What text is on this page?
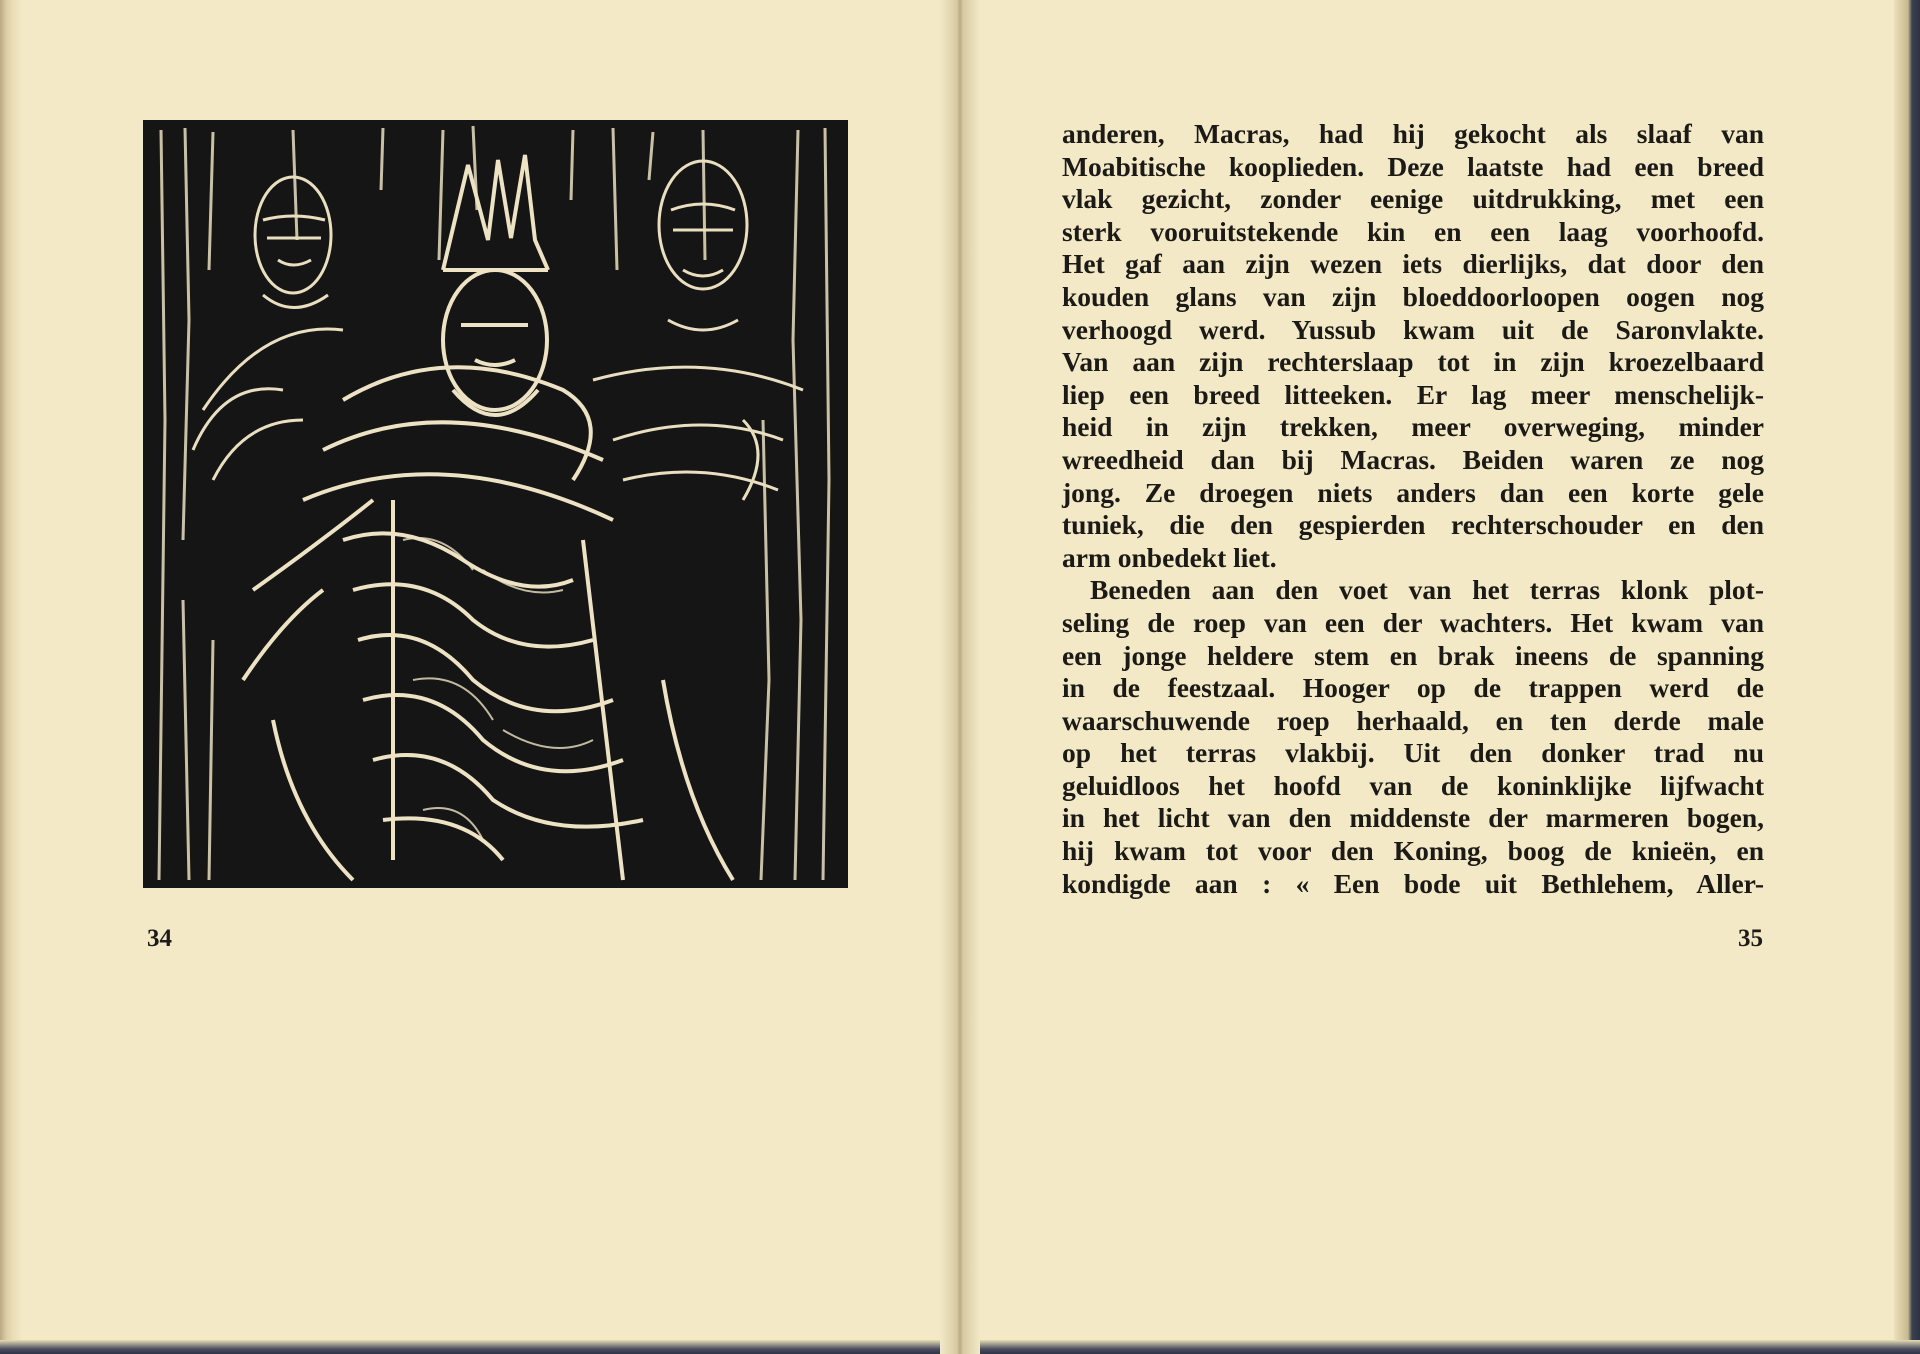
34
anderen, Macras, had hij gekocht als slaaf van
Moabitische kooplieden. Deze laatste had een breed
vlak gezicht, zonder eenige uitdrukking, met een
sterk vooruitstekende kin en een laag voorhoofd.
Het gaf aan zijn wezen iets dierlijks, dat door den
kouden glans van zijn bloeddoorloopen oogen nog
verhoogd werd. Yussub kwam uit de Saronvlakte.
Van aan zijn rechterslaap tot in zijn kroezelbaard
liep een breed litteeken. Er lag meer menschelijk-
heid in zijn trekken, meer overweging, minder
wreedheid dan bij Macras. Beiden waren ze nog
jong. Ze droegen niets anders dan een korte gele
tuniek, die den gespierden rechterschouder en den
arm onbedekt liet.
Beneden aan den voet van het terras klonk plot-
seling de roep van een der wachters. Het kwam van
een jonge heldere stem en brak ineens de spanning
in de feestzaal. Hooger op de trappen werd de
waarschuwende roep herhaald, en ten derde male
op het terras vlakbij. Uit den donker trad nu
geluidloos het hoofd van de koninklijke lijfwacht
in het licht van den middenste der marmeren bogen,
hij kwam tot voor den Koning, boog de knieën, en
kondigde aan : « Een bode uit Bethlehem, Aller-
35
